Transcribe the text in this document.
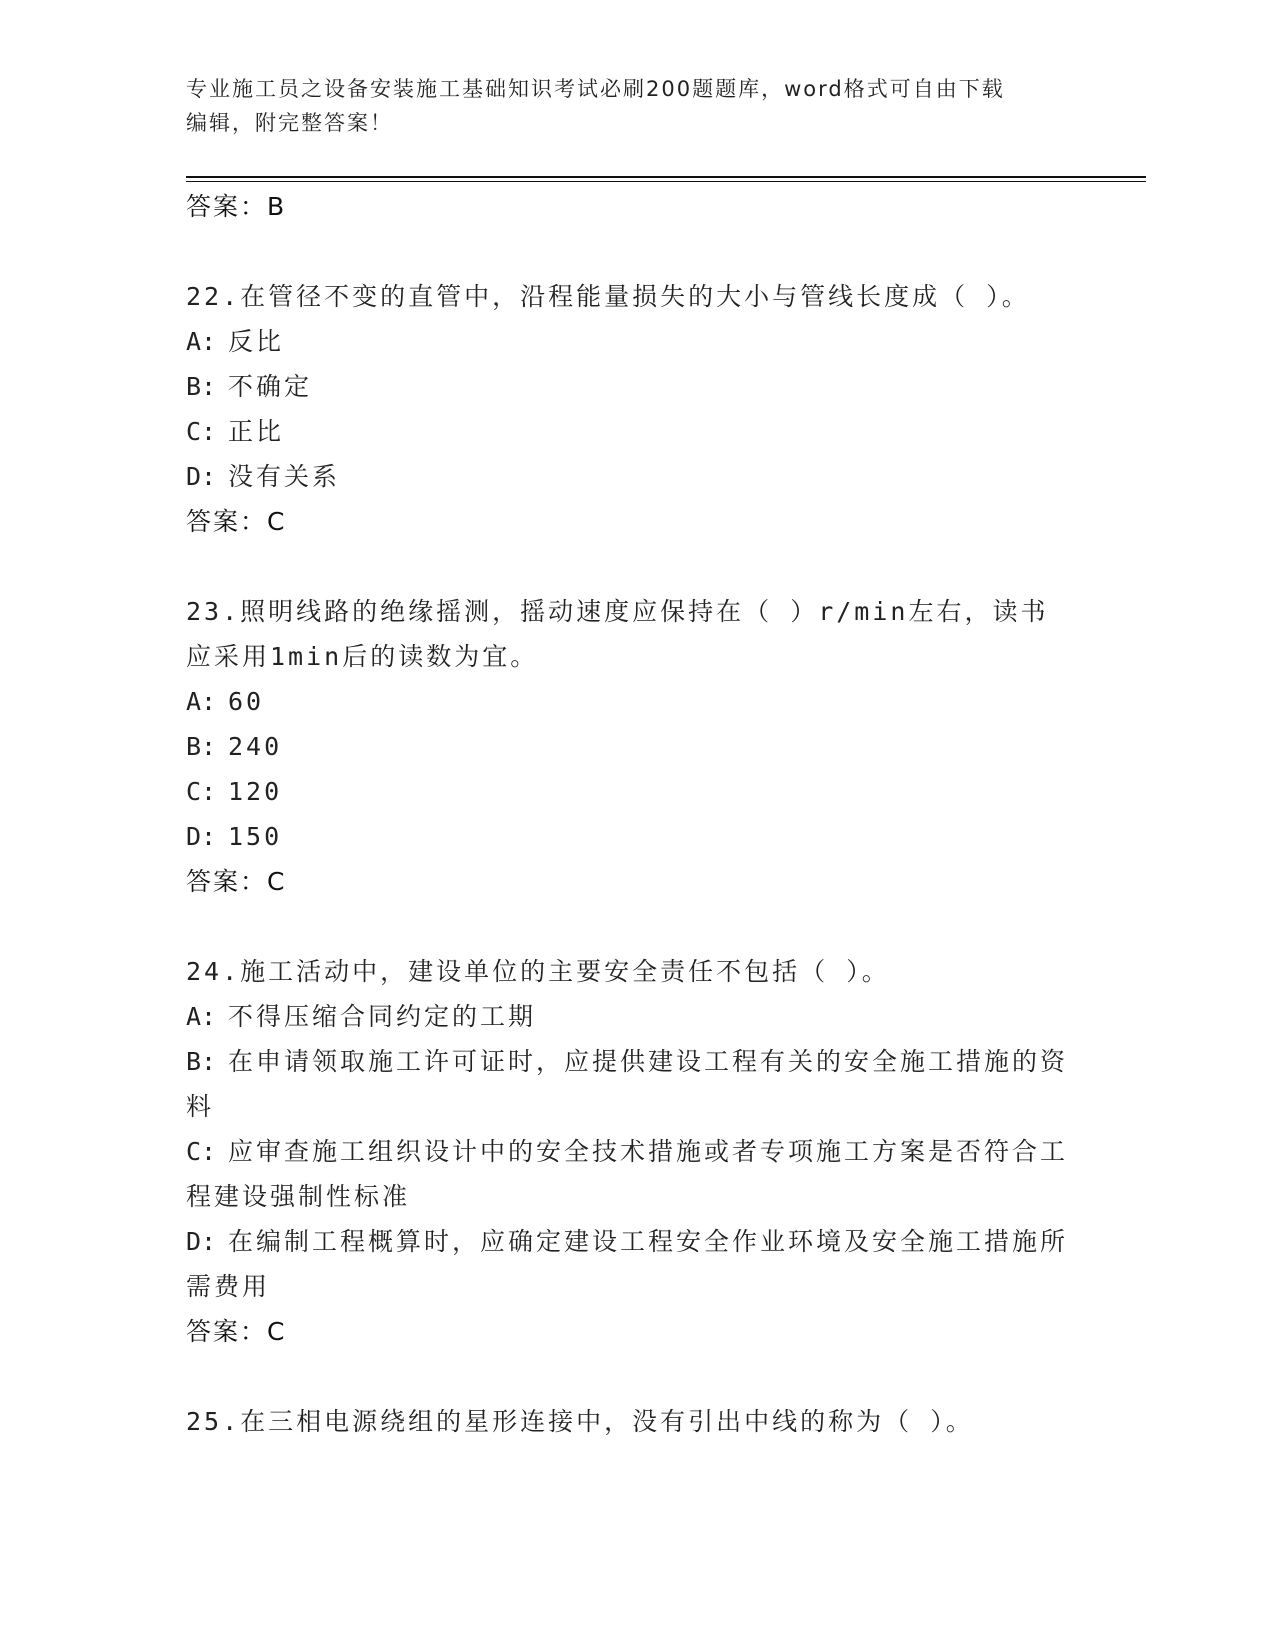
专业施工员之设备安装施工基础知识考试必刷200题题库，word格式可自由下载
编辑，附完整答案！
答案：B
22.在管径不变的直管中，沿程能量损失的大小与管线长度成（ ）。
A: 反比
B: 不确定
C: 正比
D: 没有关系
答案：C
23.照明线路的绝缘摇测，摇动速度应保持在（ ）r/min左右，读书应采用1min后的读数为宜。
A: 60
B: 240
C: 120
D: 150
答案：C
24.施工活动中，建设单位的主要安全责任不包括（ ）。
A: 不得压缩合同约定的工期
B: 在申请领取施工许可证时，应提供建设工程有关的安全施工措施的资料
C: 应审查施工组织设计中的安全技术措施或者专项施工方案是否符合工程建设强制性标准
D: 在编制工程概算时，应确定建设工程安全作业环境及安全施工措施所需费用
答案：C
25.在三相电源绕组的星形连接中，没有引出中线的称为（ ）。
